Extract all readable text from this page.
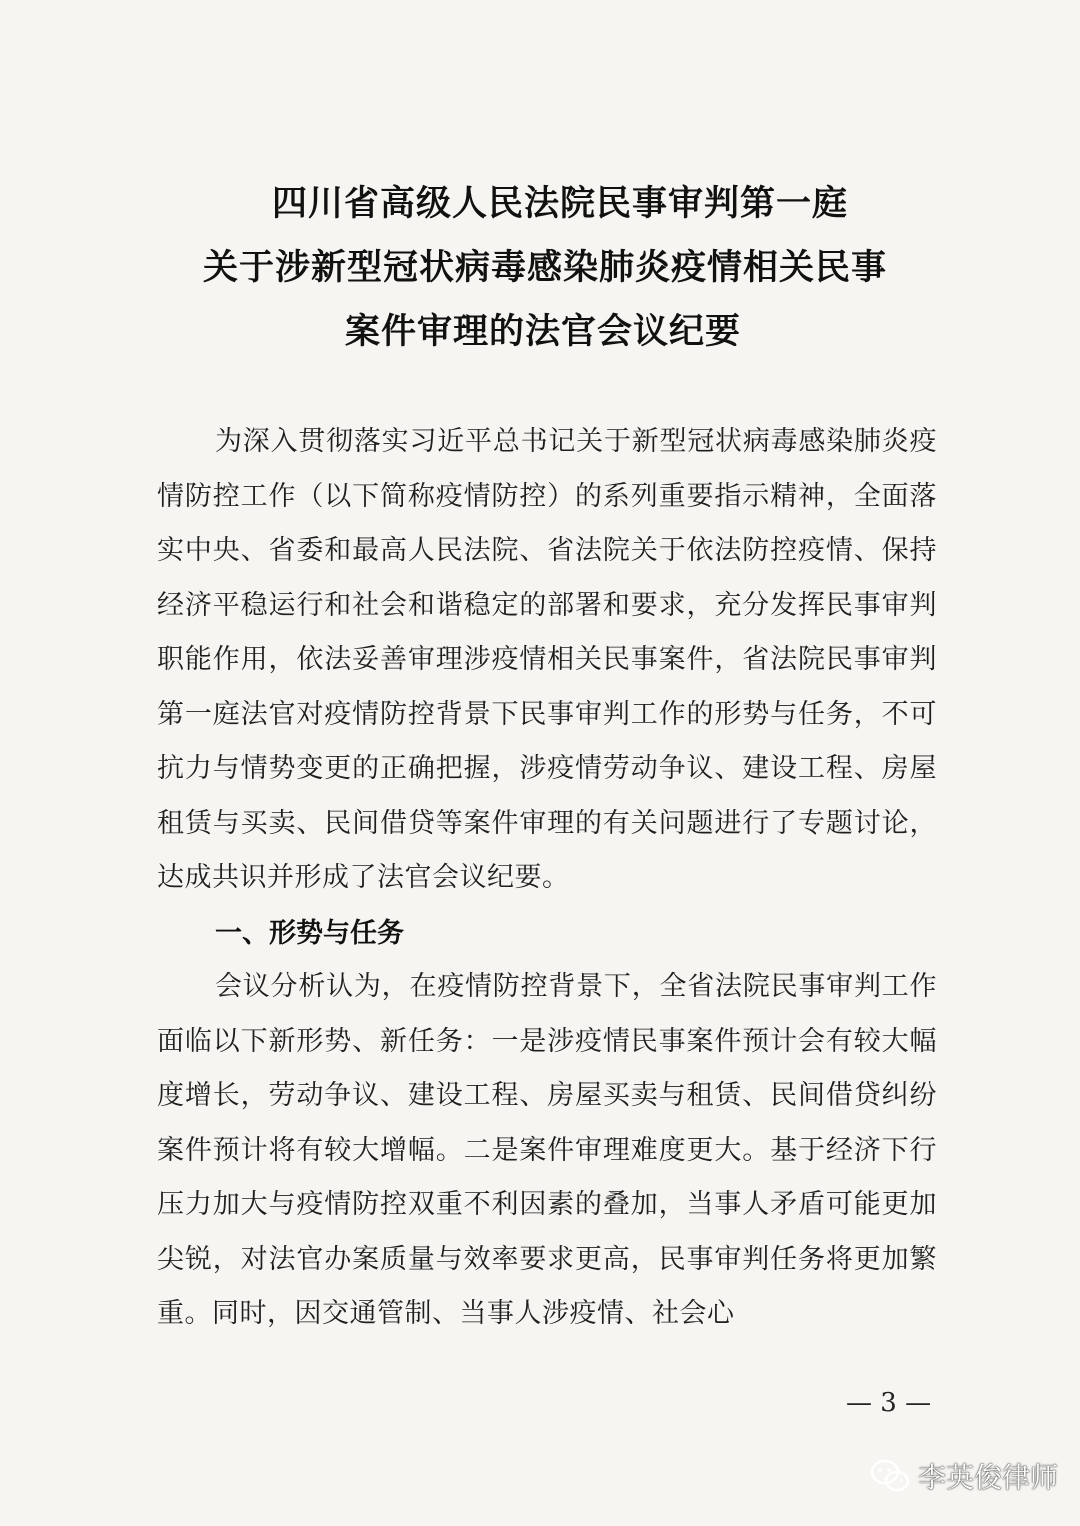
四川省高级人民法院民事审判第一庭
关于涉新型冠状病毒感染肺炎疫情相关民事
案件审理的法官会议纪要

为深入贯彻落实习近平总书记关于新型冠状病毒感染肺炎疫情防控工作（以下简称疫情防控）的系列重要指示精神，全面落实中央、省委和最高人民法院、省法院关于依法防控疫情、保持经济平稳运行和社会和谐稳定的部署和要求，充分发挥民事审判职能作用，依法妥善审理涉疫情相关民事案件，省法院民事审判第一庭法官对疫情防控背景下民事审判工作的形势与任务，不可抗力与情势变更的正确把握，涉疫情劳动争议、建设工程、房屋租赁与买卖、民间借贷等案件审理的有关问题进行了专题讨论，达成共识并形成了法官会议纪要。

一、形势与任务

会议分析认为，在疫情防控背景下，全省法院民事审判工作面临以下新形势、新任务：一是涉疫情民事案件预计会有较大幅度增长，劳动争议、建设工程、房屋买卖与租赁、民间借贷纠纷案件预计将有较大增幅。二是案件审理难度更大。基于经济下行压力加大与疫情防控双重不利因素的叠加，当事人矛盾可能更加尖锐，对法官办案质量与效率要求更高，民事审判任务将更加繁重。同时，因交通管制、当事人涉疫情、社会心

— 3 —
李英俊律师
